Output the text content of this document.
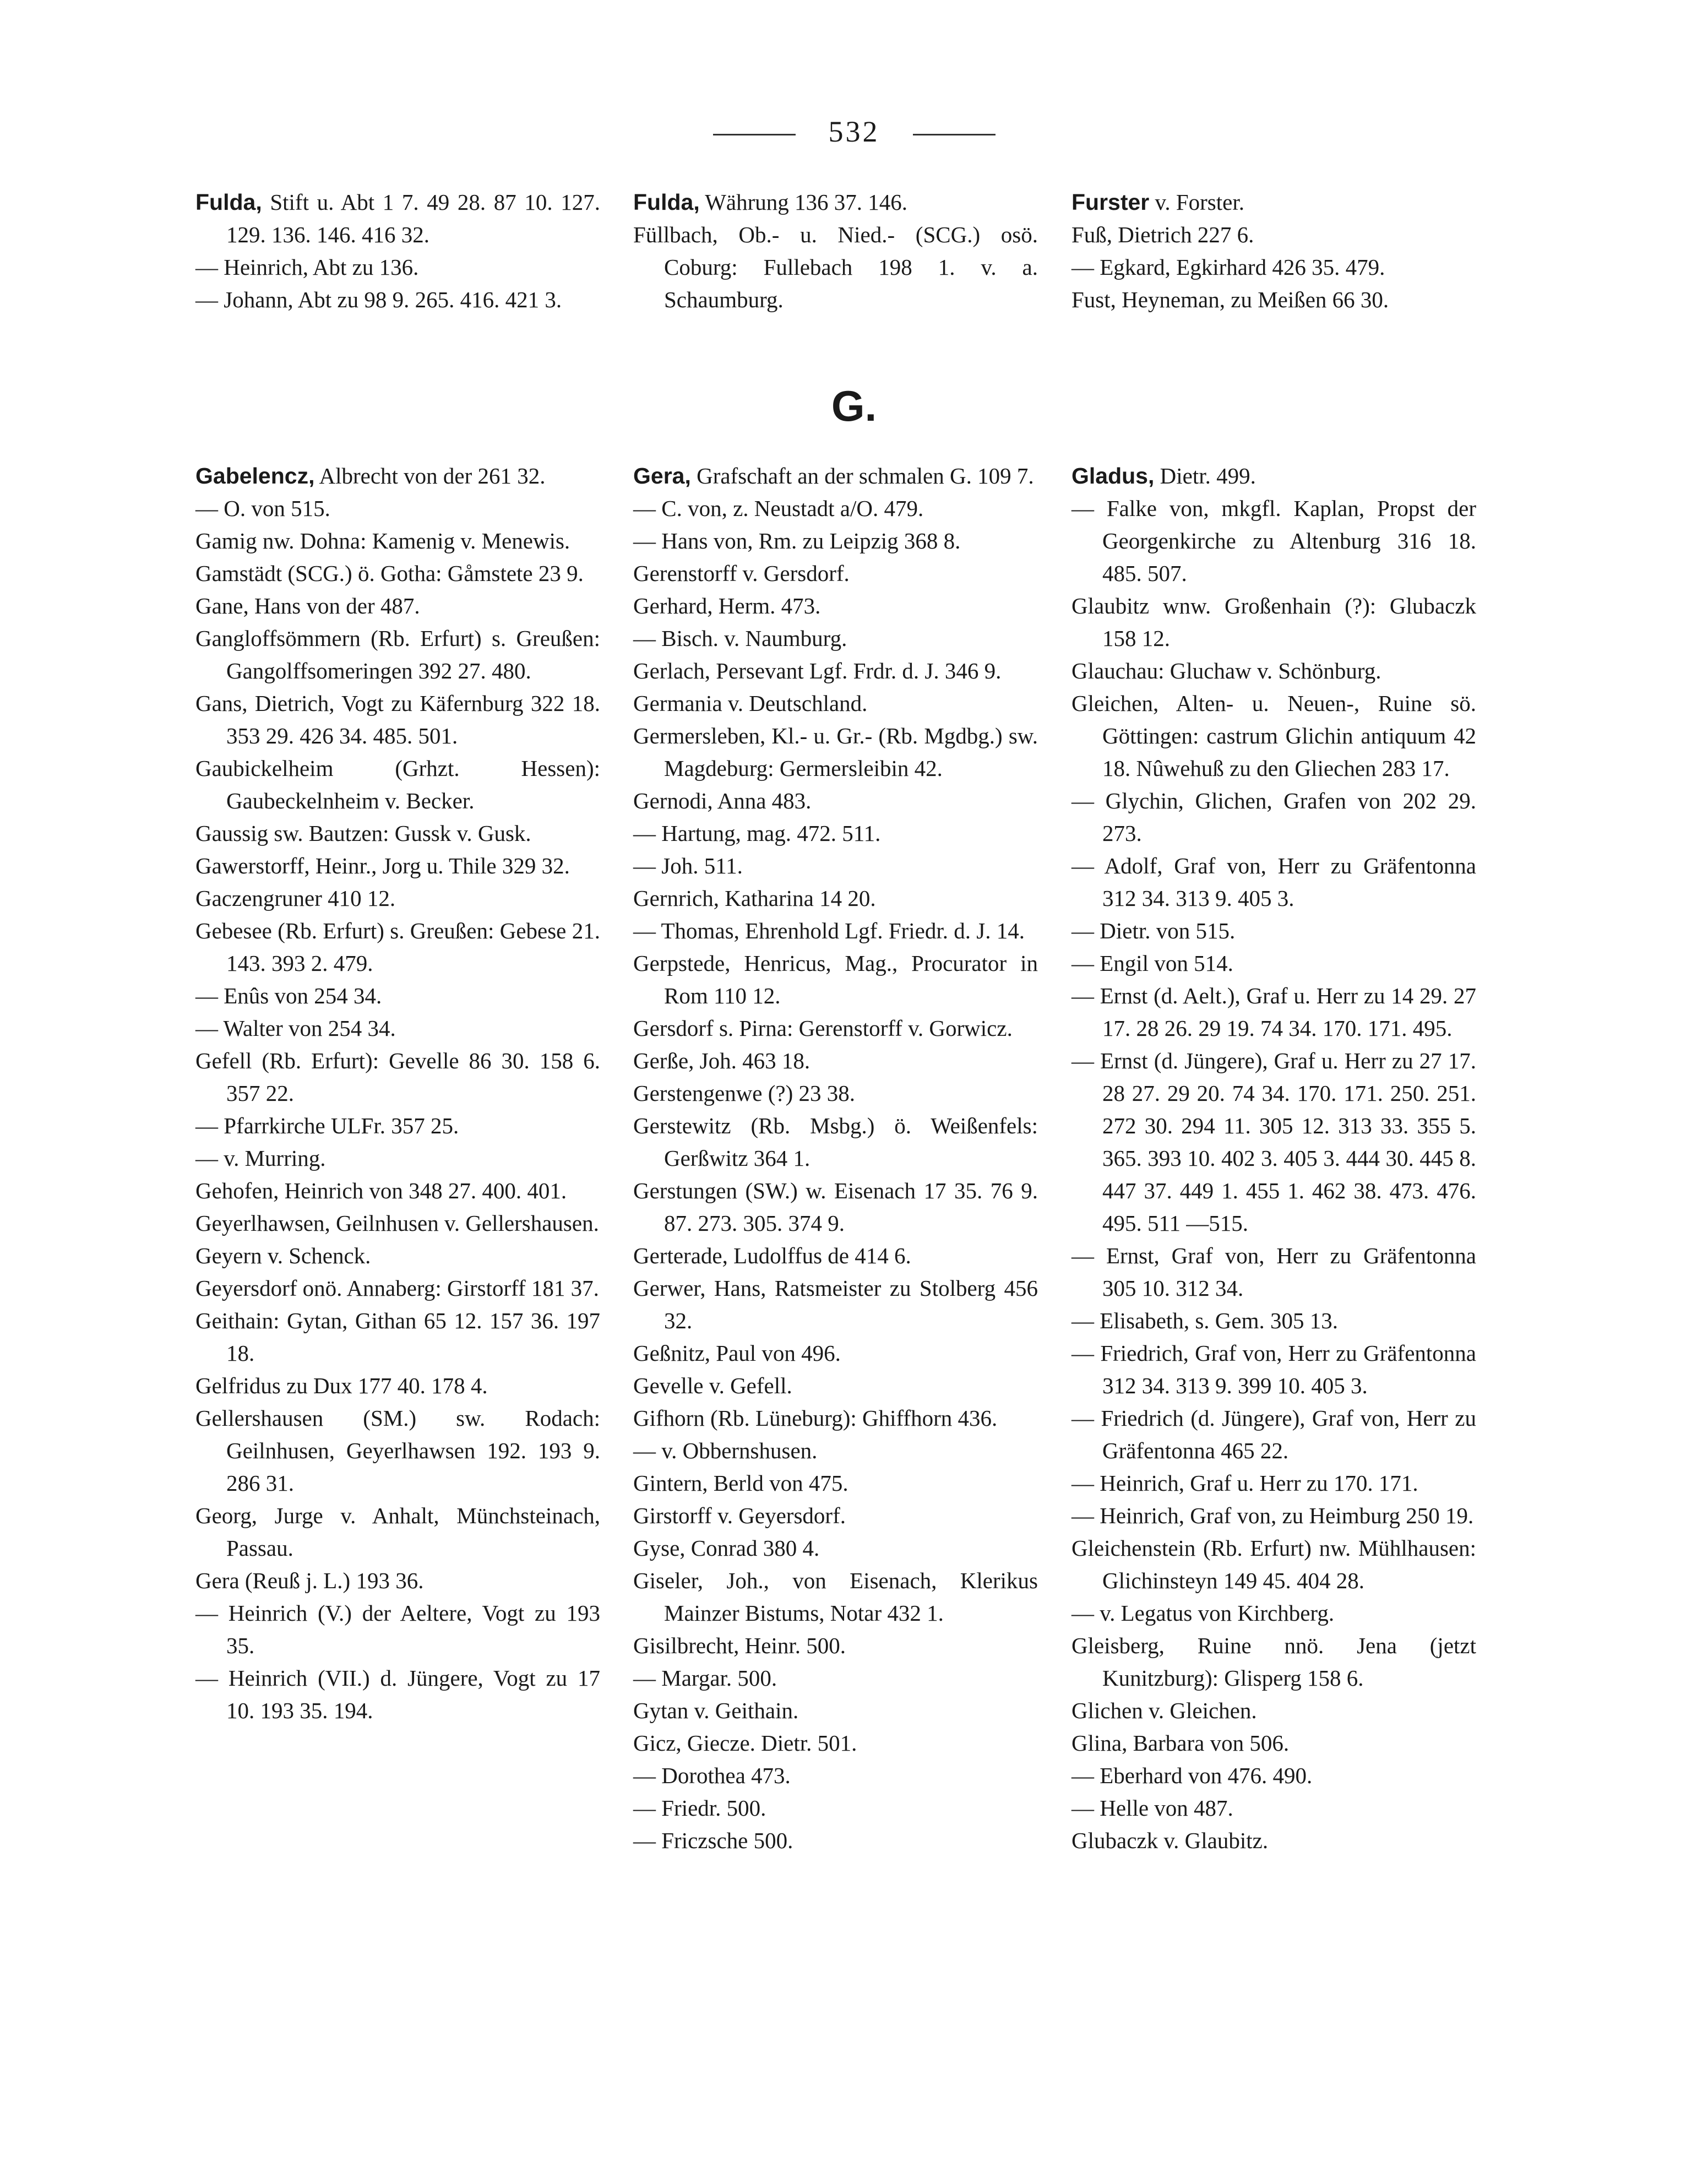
532
Fulda, Stift u. Abt 1 7. 49 28. 87 10. 127. 129. 136. 146. 416 32.
— Heinrich, Abt zu 136.
— Johann, Abt zu 98 9. 265. 416. 421 3.
Fulda, Währung 136 37. 146.
Füllbach, Ob.- u. Nied.- (SCG.) osö. Coburg: Fullebach 198 1. v. a. Schaumburg.
Furster v. Forster.
Fuß, Dietrich 227 6.
— Egkard, Egkirhard 426 35. 479.
Fust, Heyneman, zu Meißen 66 30.
G.
Gabelencz, Albrecht von der 261 32.
— O. von 515.
Gamig nw. Dohna: Kamenig v. Menewis.
Gamstädt (SCG.) ö. Gotha: Gåmstete 23 9.
Gane, Hans von der 487.
Gangloffsömmern (Rb. Erfurt) s. Greußen: Gangolffsomeringen 392 27. 480.
Gans, Dietrich, Vogt zu Käfernburg 322 18. 353 29. 426 34. 485. 501.
Gaubickelheim (Grhzt. Hessen): Gaubeckelnheim v. Becker.
Gaussig sw. Bautzen: Gussk v. Gusk.
Gawerstorff, Heinr., Jorg u. Thile 329 32.
Gaczengruner 410 12.
Gebesee (Rb. Erfurt) s. Greußen: Gebese 21. 143. 393 2. 479.
— Enûs von 254 34.
— Walter von 254 34.
Gefell (Rb. Erfurt): Gevelle 86 30. 158 6. 357 22.
— Pfarrkirche ULFr. 357 25.
— v. Murring.
Gehofen, Heinrich von 348 27. 400. 401.
Geyerlhawsen, Geilnhusen v. Gellershausen.
Geyern v. Schenck.
Geyersdorf onö. Annaberg: Girstorff 181 37.
Geithain: Gytan, Githan 65 12. 157 36. 197 18.
Gelfridus zu Dux 177 40. 178 4.
Gellershausen (SM.) sw. Rodach: Geilnhusen, Geyerlhawsen 192. 193 9. 286 31.
Georg, Jurge v. Anhalt, Münchsteinach, Passau.
Gera (Reuß j. L.) 193 36.
— Heinrich (V.) der Aeltere, Vogt zu 193 35.
— Heinrich (VII.) d. Jüngere, Vogt zu 17 10. 193 35. 194.
Gera, Grafschaft an der schmalen G. 109 7.
— C. von, z. Neustadt a/O. 479.
— Hans von, Rm. zu Leipzig 368 8.
Gerenstorff v. Gersdorf.
Gerhard, Herm. 473.
— Bisch. v. Naumburg.
Gerlach, Persevant Lgf. Frdr. d. J. 346 9.
Germania v. Deutschland.
Germersleben, Kl.- u. Gr.- (Rb. Mgdbg.) sw. Magdeburg: Germersleibin 42.
Gernodi, Anna 483.
— Hartung, mag. 472. 511.
— Joh. 511.
Gernrich, Katharina 14 20.
— Thomas, Ehrenhold Lgf. Friedr. d. J. 14.
Gerpstede, Henricus, Mag., Procurator in Rom 110 12.
Gersdorf s. Pirna: Gerenstorff v. Gorwicz.
Gerße, Joh. 463 18.
Gerstengenwe (?) 23 38.
Gerstewitz (Rb. Msbg.) ö. Weißenfels: Gerßwitz 364 1.
Gerstungen (SW.) w. Eisenach 17 35. 76 9. 87. 273. 305. 374 9.
Gerterade, Ludolffus de 414 6.
Gerwer, Hans, Ratsmeister zu Stolberg 456 32.
Geßnitz, Paul von 496.
Gevelle v. Gefell.
Gifhorn (Rb. Lüneburg): Ghiffhorn 436.
— v. Obbernshusen.
Gintern, Berld von 475.
Girstorff v. Geyersdorf.
Gyse, Conrad 380 4.
Giseler, Joh., von Eisenach, Klerikus Mainzer Bistums, Notar 432 1.
Gisilbrecht, Heinr. 500.
— Margar. 500.
Gytan v. Geithain.
Gicz, Giecze. Dietr. 501.
— Dorothea 473.
— Friedr. 500.
— Friczsche 500.
Gladus, Dietr. 499.
— Falke von, mkgfl. Kaplan, Propst der Georgenkirche zu Altenburg 316 18. 485. 507.
Glaubitz wnw. Großenhain (?): Glubaczk 158 12.
Glauchau: Gluchaw v. Schönburg.
Gleichen, Alten- u. Neuen-, Ruine sö. Göttingen: castrum Glichin antiquum 42 18. Nûwehuß zu den Gliechen 283 17.
— Glychin, Glichen, Grafen von 202 29. 273.
— Adolf, Graf von, Herr zu Gräfentonna 312 34. 313 9. 405 3.
— Dietr. von 515.
— Engil von 514.
— Ernst (d. Aelt.), Graf u. Herr zu 14 29. 27 17. 28 26. 29 19. 74 34. 170. 171. 495.
— Ernst (d. Jüngere), Graf u. Herr zu 27 17. 28 27. 29 20. 74 34. 170. 171. 250. 251. 272 30. 294 11. 305 12. 313 33. 355 5. 365. 393 10. 402 3. 405 3. 444 30. 445 8. 447 37. 449 1. 455 1. 462 38. 473. 476. 495. 511 —515.
— Ernst, Graf von, Herr zu Gräfentonna 305 10. 312 34.
— Elisabeth, s. Gem. 305 13.
— Friedrich, Graf von, Herr zu Gräfentonna 312 34. 313 9. 399 10. 405 3.
— Friedrich (d. Jüngere), Graf von, Herr zu Gräfentonna 465 22.
— Heinrich, Graf u. Herr zu 170. 171.
— Heinrich, Graf von, zu Heimburg 250 19.
Gleichenstein (Rb. Erfurt) nw. Mühlhausen: Glichinsteyn 149 45. 404 28.
— v. Legatus von Kirchberg.
Gleisberg, Ruine nnö. Jena (jetzt Kunitzburg): Glisperg 158 6.
Glichen v. Gleichen.
Glina, Barbara von 506.
— Eberhard von 476. 490.
— Helle von 487.
Glubaczk v. Glaubitz.
